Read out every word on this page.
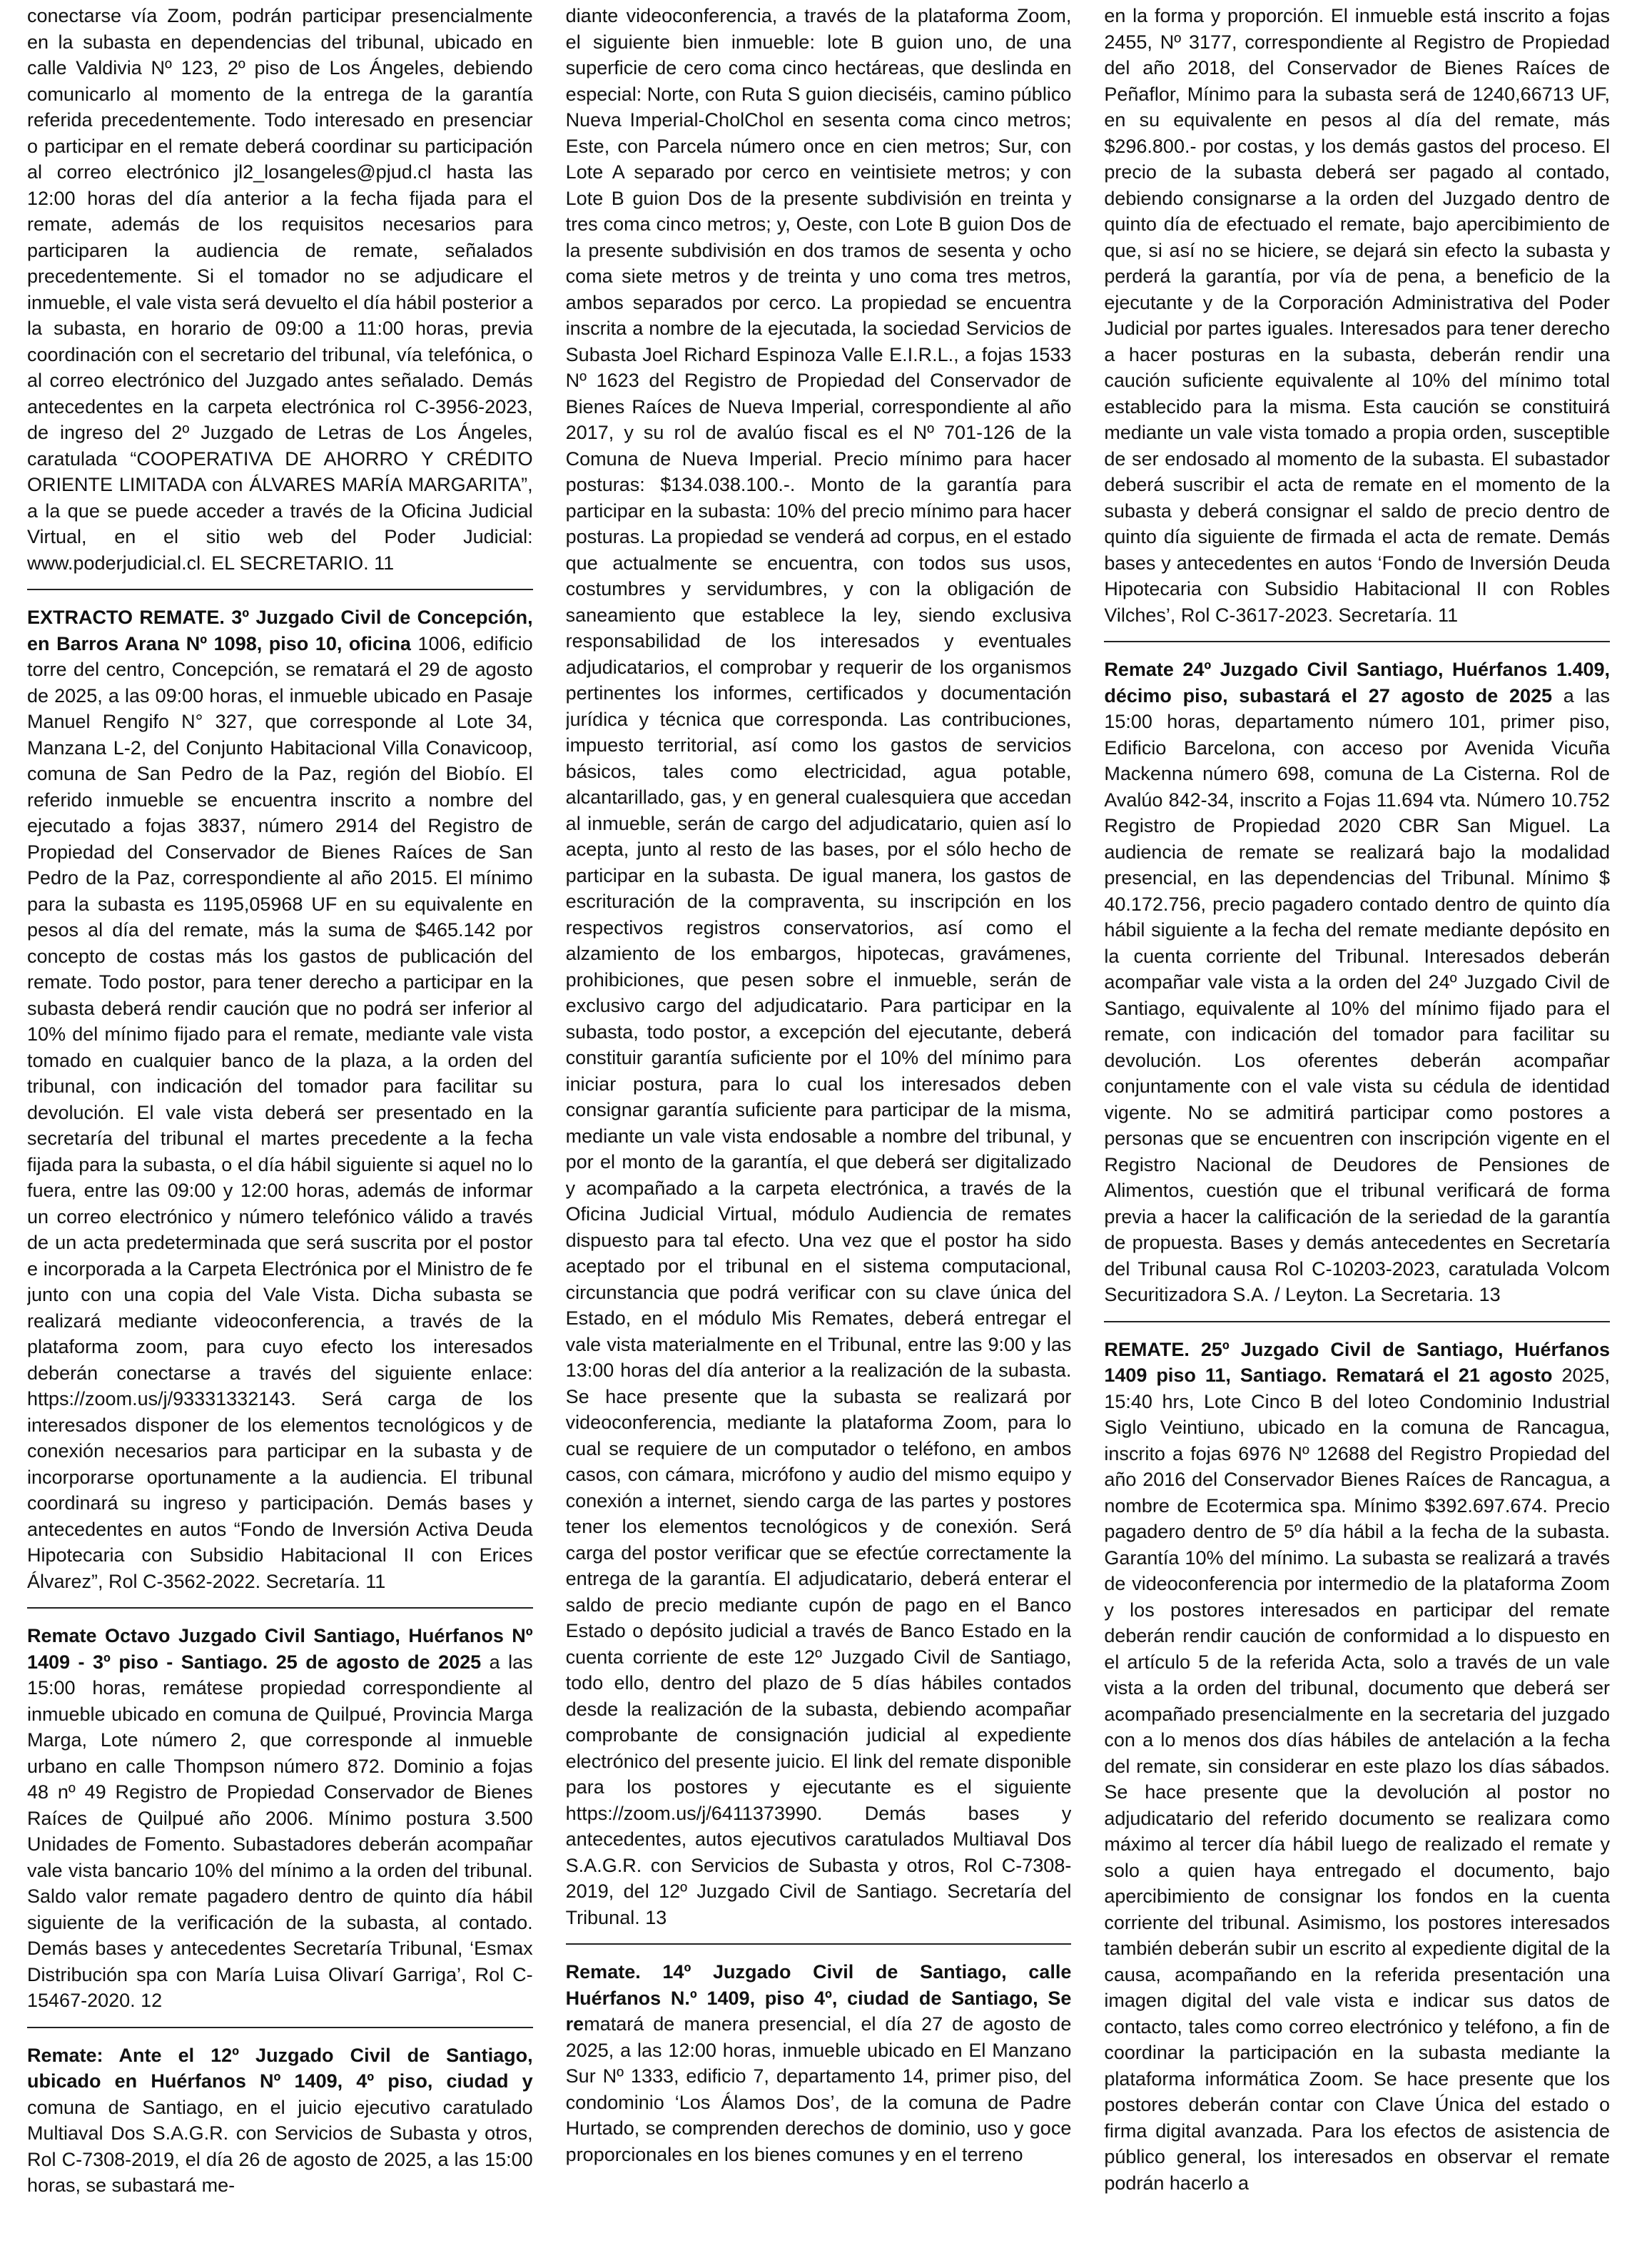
conectarse vía Zoom, podrán participar presencialmente en la subasta en dependencias del tribunal, ubicado en calle Valdivia Nº 123, 2º piso de Los Ángeles, debiendo comunicarlo al momento de la entrega de la garantía referida precedentemente. Todo interesado en presenciar o participar en el remate deberá coordinar su participación al correo electrónico jl2_losangeles@pjud.cl hasta las 12:00 horas del día anterior a la fecha fijada para el remate, además de los requisitos necesarios para participaren la audiencia de remate, señalados precedentemente. Si el tomador no se adjudicare el inmueble, el vale vista será devuelto el día hábil posterior a la subasta, en horario de 09:00 a 11:00 horas, previa coordinación con el secretario del tribunal, vía telefónica, o al correo electrónico del Juzgado antes señalado. Demás antecedentes en la carpeta electrónica rol C-3956-2023, de ingreso del 2º Juzgado de Letras de Los Ángeles, caratulada “COOPERATIVA DE AHORRO Y CRÉDITO ORIENTE LIMITADA con ÁLVARES MARÍA MARGARITA”, a la que se puede acceder a través de la Oficina Judicial Virtual, en el sitio web del Poder Judicial: www.poderjudicial.cl. EL SECRETARIO. 11

EXTRACTO REMATE. 3º Juzgado Civil de Concepción, en Barros Arana Nº 1098, piso 10, oficina 1006, edificio torre del centro, Concepción, se rematará el 29 de agosto de 2025, a las 09:00 horas, el inmueble ubicado en Pasaje Manuel Rengifo N° 327, que corresponde al Lote 34, Manzana L-2, del Conjunto Habitacional Villa Conavicoop, comuna de San Pedro de la Paz, región del Biobío. El referido inmueble se encuentra inscrito a nombre del ejecutado a fojas 3837, número 2914 del Registro de Propiedad del Conservador de Bienes Raíces de San Pedro de la Paz, correspondiente al año 2015. El mínimo para la subasta es 1195,05968 UF en su equivalente en pesos al día del remate, más la suma de $465.142 por concepto de costas más los gastos de publicación del remate. Todo postor, para tener derecho a participar en la subasta deberá rendir caución que no podrá ser inferior al 10% del mínimo fijado para el remate, mediante vale vista tomado en cualquier banco de la plaza, a la orden del tribunal, con indicación del tomador para facilitar su devolución. El vale vista deberá ser presentado en la secretaría del tribunal el martes precedente a la fecha fijada para la subasta, o el día hábil siguiente si aquel no lo fuera, entre las 09:00 y 12:00 horas, además de informar un correo electrónico y número telefónico válido a través de un acta predeterminada que será suscrita por el postor e incorporada a la Carpeta Electrónica por el Ministro de fe junto con una copia del Vale Vista. Dicha subasta se realizará mediante videoconferencia, a través de la plataforma zoom, para cuyo efecto los interesados deberán conectarse a través del siguiente enlace: https://zoom.us/j/93331332143. Será carga de los interesados disponer de los elementos tecnológicos y de conexión necesarios para participar en la subasta y de incorporarse oportunamente a la audiencia. El tribunal coordinará su ingreso y participación. Demás bases y antecedentes en autos “Fondo de Inversión Activa Deuda Hipotecaria con Subsidio Habitacional II con Erices Álvarez”, Rol C-3562-2022. Secretaría. 11

Remate Octavo Juzgado Civil Santiago, Huérfanos Nº 1409 - 3º piso - Santiago. 25 de agosto de 2025 a las 15:00 horas, remátese propiedad correspondiente al inmueble ubicado en comuna de Quilpué, Provincia Marga Marga, Lote número 2, que corresponde al inmueble urbano en calle Thompson número 872. Dominio a fojas 48 nº 49 Registro de Propiedad Conservador de Bienes Raíces de Quilpué año 2006. Mínimo postura 3.500 Unidades de Fomento. Subastadores deberán acompañar vale vista bancario 10% del mínimo a la orden del tribunal. Saldo valor remate pagadero dentro de quinto día hábil siguiente de la verificación de la subasta, al contado. Demás bases y antecedentes Secretaría Tribunal, ‘Esmax Distribución spa con María Luisa Olivarí Garriga’, Rol C-15467-2020. 12

Remate: Ante el 12º Juzgado Civil de Santiago, ubicado en Huérfanos Nº 1409, 4º piso, ciudad y comuna de Santiago, en el juicio ejecutivo caratulado Multiaval Dos S.A.G.R. con Servicios de Subasta y otros, Rol C-7308-2019, el día 26 de agosto de 2025, a las 15:00 horas, se subastará me-

diante videoconferencia, a través de la plataforma Zoom, el siguiente bien inmueble: lote B guion uno, de una superficie de cero coma cinco hectáreas, que deslinda en especial: Norte, con Ruta S guion dieciséis, camino público Nueva Imperial-CholChol en sesenta coma cinco metros; Este, con Parcela número once en cien metros; Sur, con Lote A separado por cerco en veintisiete metros; y con Lote B guion Dos de la presente subdivisión en treinta y tres coma cinco metros; y, Oeste, con Lote B guion Dos de la presente subdivisión en dos tramos de sesenta y ocho coma siete metros y de treinta y uno coma tres metros, ambos separados por cerco. La propiedad se encuentra inscrita a nombre de la ejecutada, la sociedad Servicios de Subasta Joel Richard Espinoza Valle E.I.R.L., a fojas 1533 Nº 1623 del Registro de Propiedad del Conservador de Bienes Raíces de Nueva Imperial, correspondiente al año 2017, y su rol de avalúo fiscal es el Nº 701-126 de la Comuna de Nueva Imperial. Precio mínimo para hacer posturas: $134.038.100.-. Monto de la garantía para participar en la subasta: 10% del precio mínimo para hacer posturas. La propiedad se venderá ad corpus, en el estado que actualmente se encuentra, con todos sus usos, costumbres y servidumbres, y con la obligación de saneamiento que establece la ley, siendo exclusiva responsabilidad de los interesados y eventuales adjudicatarios, el comprobar y requerir de los organismos pertinentes los informes, certificados y documentación jurídica y técnica que corresponda. Las contribuciones, impuesto territorial, así como los gastos de servicios básicos, tales como electricidad, agua potable, alcantarillado, gas, y en general cualesquiera que accedan al inmueble, serán de cargo del adjudicatario, quien así lo acepta, junto al resto de las bases, por el sólo hecho de participar en la subasta. De igual manera, los gastos de escrituración de la compraventa, su inscripción en los respectivos registros conservatorios, así como el alzamiento de los embargos, hipotecas, gravámenes, prohibiciones, que pesen sobre el inmueble, serán de exclusivo cargo del adjudicatario. Para participar en la subasta, todo postor, a excepción del ejecutante, deberá constituir garantía suficiente por el 10% del mínimo para iniciar postura, para lo cual los interesados deben consignar garantía suficiente para participar de la misma, mediante un vale vista endosable a nombre del tribunal, y por el monto de la garantía, el que deberá ser digitalizado y acompañado a la carpeta electrónica, a través de la Oficina Judicial Virtual, módulo Audiencia de remates dispuesto para tal efecto. Una vez que el postor ha sido aceptado por el tribunal en el sistema computacional, circunstancia que podrá verificar con su clave única del Estado, en el módulo Mis Remates, deberá entregar el vale vista materialmente en el Tribunal, entre las 9:00 y las 13:00 horas del día anterior a la realización de la subasta. Se hace presente que la subasta se realizará por videoconferencia, mediante la plataforma Zoom, para lo cual se requiere de un computador o teléfono, en ambos casos, con cámara, micrófono y audio del mismo equipo y conexión a internet, siendo carga de las partes y postores tener los elementos tecnológicos y de conexión. Será carga del postor verificar que se efectúe correctamente la entrega de la garantía. El adjudicatario, deberá enterar el saldo de precio mediante cupón de pago en el Banco Estado o depósito judicial a través de Banco Estado en la cuenta corriente de este 12º Juzgado Civil de Santiago, todo ello, dentro del plazo de 5 días hábiles contados desde la realización de la subasta, debiendo acompañar comprobante de consignación judicial al expediente electrónico del presente juicio. El link del remate disponible para los postores y ejecutante es el siguiente https://zoom.us/j/6411373990. Demás bases y antecedentes, autos ejecutivos caratulados Multiaval Dos S.A.G.R. con Servicios de Subasta y otros, Rol C-7308-2019, del 12º Juzgado Civil de Santiago. Secretaría del Tribunal. 13

Remate. 14º Juzgado Civil de Santiago, calle Huérfanos N.º 1409, piso 4º, ciudad de Santiago, Se rematará de manera presencial, el día 27 de agosto de 2025, a las 12:00 horas, inmueble ubicado en El Manzano Sur Nº 1333, edificio 7, departamento 14, primer piso, del condominio ‘Los Álamos Dos’, de la comuna de Padre Hurtado, se comprenden derechos de dominio, uso y goce proporcionales en los bienes comunes y en el terreno

en la forma y proporción. El inmueble está inscrito a fojas 2455, Nº 3177, correspondiente al Registro de Propiedad del año 2018, del Conservador de Bienes Raíces de Peñaflor, Mínimo para la subasta será de 1240,66713 UF, en su equivalente en pesos al día del remate, más $296.800.- por costas, y los demás gastos del proceso. El precio de la subasta deberá ser pagado al contado, debiendo consignarse a la orden del Juzgado dentro de quinto día de efectuado el remate, bajo apercibimiento de que, si así no se hiciere, se dejará sin efecto la subasta y perderá la garantía, por vía de pena, a beneficio de la ejecutante y de la Corporación Administrativa del Poder Judicial por partes iguales. Interesados para tener derecho a hacer posturas en la subasta, deberán rendir una caución suficiente equivalente al 10% del mínimo total establecido para la misma. Esta caución se constituirá mediante un vale vista tomado a propia orden, susceptible de ser endosado al momento de la subasta. El subastador deberá suscribir el acta de remate en el momento de la subasta y deberá consignar el saldo de precio dentro de quinto día siguiente de firmada el acta de remate. Demás bases y antecedentes en autos ‘Fondo de Inversión Deuda Hipotecaria con Subsidio Habitacional II con Robles Vilches’, Rol C-3617-2023. Secretaría. 11

Remate 24º Juzgado Civil Santiago, Huérfanos 1.409, décimo piso, subastará el 27 agosto de 2025 a las 15:00 horas, departamento número 101, primer piso, Edificio Barcelona, con acceso por Avenida Vicuña Mackenna número 698, comuna de La Cisterna. Rol de Avalúo 842-34, inscrito a Fojas 11.694 vta. Número 10.752 Registro de Propiedad 2020 CBR San Miguel. La audiencia de remate se realizará bajo la modalidad presencial, en las dependencias del Tribunal. Mínimo $ 40.172.756, precio pagadero contado dentro de quinto día hábil siguiente a la fecha del remate mediante depósito en la cuenta corriente del Tribunal. Interesados deberán acompañar vale vista a la orden del 24º Juzgado Civil de Santiago, equivalente al 10% del mínimo fijado para el remate, con indicación del tomador para facilitar su devolución. Los oferentes deberán acompañar conjuntamente con el vale vista su cédula de identidad vigente. No se admitirá participar como postores a personas que se encuentren con inscripción vigente en el Registro Nacional de Deudores de Pensiones de Alimentos, cuestión que el tribunal verificará de forma previa a hacer la calificación de la seriedad de la garantía de propuesta. Bases y demás antecedentes en Secretaría del Tribunal causa Rol C-10203-2023, caratulada Volcom Securitizadora S.A. / Leyton. La Secretaria. 13

REMATE. 25º Juzgado Civil de Santiago, Huérfanos 1409 piso 11, Santiago. Rematará el 21 agosto 2025, 15:40 hrs, Lote Cinco B del loteo Condominio Industrial Siglo Veintiuno, ubicado en la comuna de Rancagua, inscrito a fojas 6976 Nº 12688 del Registro Propiedad del año 2016 del Conservador Bienes Raíces de Rancagua, a nombre de Ecotermica spa. Mínimo $392.697.674. Precio pagadero dentro de 5º día hábil a la fecha de la subasta. Garantía 10% del mínimo. La subasta se realizará a través de videoconferencia por intermedio de la plataforma Zoom y los postores interesados en participar del remate deberán rendir caución de conformidad a lo dispuesto en el artículo 5 de la referida Acta, solo a través de un vale vista a la orden del tribunal, documento que deberá ser acompañado presencialmente en la secretaria del juzgado con a lo menos dos días hábiles de antelación a la fecha del remate, sin considerar en este plazo los días sábados. Se hace presente que la devolución al postor no adjudicatario del referido documento se realizara como máximo al tercer día hábil luego de realizado el remate y solo a quien haya entregado el documento, bajo apercibimiento de consignar los fondos en la cuenta corriente del tribunal. Asimismo, los postores interesados también deberán subir un escrito al expediente digital de la causa, acompañando en la referida presentación una imagen digital del vale vista e indicar sus datos de contacto, tales como correo electrónico y teléfono, a fin de coordinar la participación en la subasta mediante la plataforma informática Zoom. Se hace presente que los postores deberán contar con Clave Única del estado o firma digital avanzada. Para los efectos de asistencia de público general, los interesados en observar el remate podrán hacerlo a
